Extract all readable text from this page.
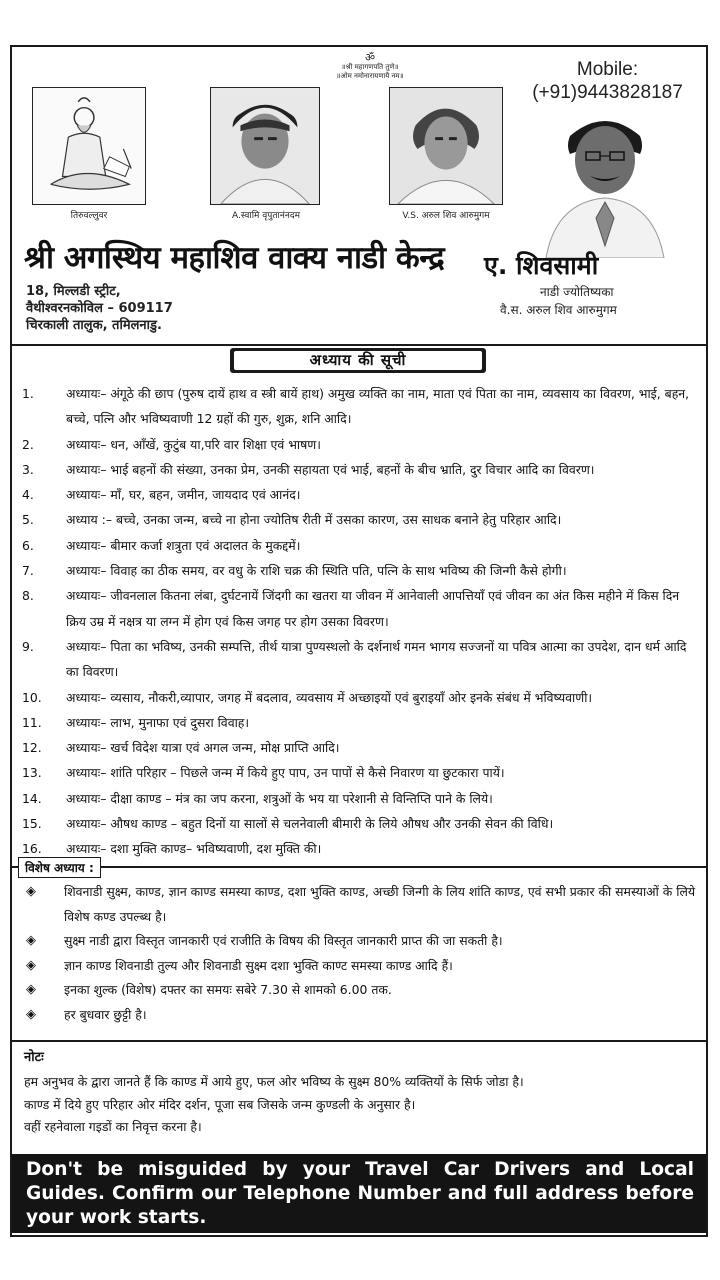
ॐ
॥श्री महागणपति तुणे॥
॥ओम नमोनारायणायै नम॥	Mobile:
(+91)9443828187
तिरुवल्लुवर	A.स्वामि वृपुतानंनदम	V.S. अरुल शिव आरुमुगम
श्री अगस्थिय महाशिव वाक्य नाडी केन्द्र ए. शिवसामी
18, मिल्लडी स्ट्रीट,
वैथीश्वरनकोविल – 609117
चिरकाली तालुक, तमिलनाडु.
नाडी ज्योतिष्यका
वै.स. अरुल शिव आरुमुगम
अध्याय की सूची
1.	अध्यायः– अंगूठे की छाप (पुरुष दायें हाथ व स्त्री बायें हाथ) अमुख व्यक्ति का नाम, माता एवं पिता का नाम, व्यवसाय का विवरण, भाई, बहन, बच्चे, पत्नि और भविष्यवाणी 12 ग्रहों की गुरु, शुक्र, शनि आदि।
2.	अध्यायः– धन, आँखें, कुटुंब या,परि वार शिक्षा एवं भाषण।
3.	अध्यायः– भाई बहनों की संख्या, उनका प्रेम, उनकी सहायता एवं भाई, बहनों के बीच भ्राति, दुर विचार आदि का विवरण।
4.	अध्यायः– माँ, घर, बहन, जमीन, जायदाद एवं आनंद।
5.	अध्याय :– बच्चे, उनका जन्म, बच्चे ना होना ज्योतिष रीती में उसका कारण, उस साधक बनाने हेतु परिहार आदि।
6.	अध्यायः– बीमार कर्जा शत्रुता एवं अदालत के मुकद्दमें।
7.	अध्यायः– विवाह का ठीक समय, वर वधु के राशि चक्र की स्थिति पति, पत्नि के साथ भविष्य की जिन्गी कैसे होगी।
8.	अध्यायः– जीवनलाल कितना लंबा, दुर्घटनायें जिंदगी का खतरा या जीवन में आनेवाली आपत्तियाँ एवं जीवन का अंत किस महीने में किस दिन क्रिय उम्र में नक्षत्र या लग्न में होग एवं किस जगह पर होग उसका विवरण।
9.	अध्यायः– पिता का भविष्य, उनकी सम्पत्ति, तीर्थ यात्रा पुण्यस्थलो के दर्शनार्थ गमन भागय सज्जनों या पवित्र आत्मा का उपदेश, दान धर्म आदि का विवरण।
10.	अध्यायः– व्यसाय, नौकरी,व्यापार, जगह में बदलाव, व्यवसाय में अच्छाइयों एवं बुराइयाँ ओर इनके संबंध में भविष्यवाणी।
11.	अध्यायः– लाभ, मुनाफा एवं दुसरा विवाह।
12.	अध्यायः– खर्च विदेश यात्रा एवं अगल जन्म, मोक्ष प्राप्ति आदि।
13.	अध्यायः– शांति परिहार – पिछले जन्म में किये हुए पाप, उन पापों से कैसे निवारण या छुटकारा पायें।
14.	अध्यायः– दीक्षा काण्ड – मंत्र का जप करना, शत्रुओं के भय या परेशानी से विन्तिप्ति पाने के लिये।
15.	अध्यायः– औषध काण्ड – बहुत दिनों या सालों से चलनेवाली बीमारी के लिये औषध और उनकी सेवन की विधि।
16.	अध्यायः– दशा मुक्ति काण्ड– भविष्यवाणी, दश मुक्ति की।
विशेष अध्याय :
◈	शिवनाडी सुक्ष्म, काण्ड, ज्ञान काण्ड समस्या काण्ड, दशा भुक्ति काण्ड, अच्छी जिन्गी के लिय शांति काण्ड, एवं सभी प्रकार की समस्याओं के लिये विशेष कण्ड उपल्ब्ध है।
◈	सुक्ष्म नाडी द्वारा विस्तृत जानकारी एवं राजीति के विषय की विस्तृत जानकारी प्राप्त की जा सकती है।
◈	ज्ञान काण्ड शिवनाडी तुल्य और शिवनाडी सुक्ष्म दशा भुक्ति काण्ट समस्या काण्ड आदि हैं।
◈	इनका शुल्क (विशेष) दफ्तर का समयः सबेरे 7.30 से शामको 6.00 तक.
◈	हर बुधवार छुट्टी है।
नोटः
हम अनुभव के द्वारा जानते हैं कि काण्ड में आये हुए, फल ओर भविष्य के सुक्ष्म 80% व्यक्तियों के सिर्फ जोडा है।
काण्ड में दिये हुए परिहार ओर मंदिर दर्शन, पूजा सब जिसके जन्म कुण्डली के अनुसार है।
वहीं रहनेवाला गइडों का निवृत्त करना है।
Don't be misguided by your Travel Car Drivers and Local Guides. Confirm our Telephone Number and full address before your work starts.
